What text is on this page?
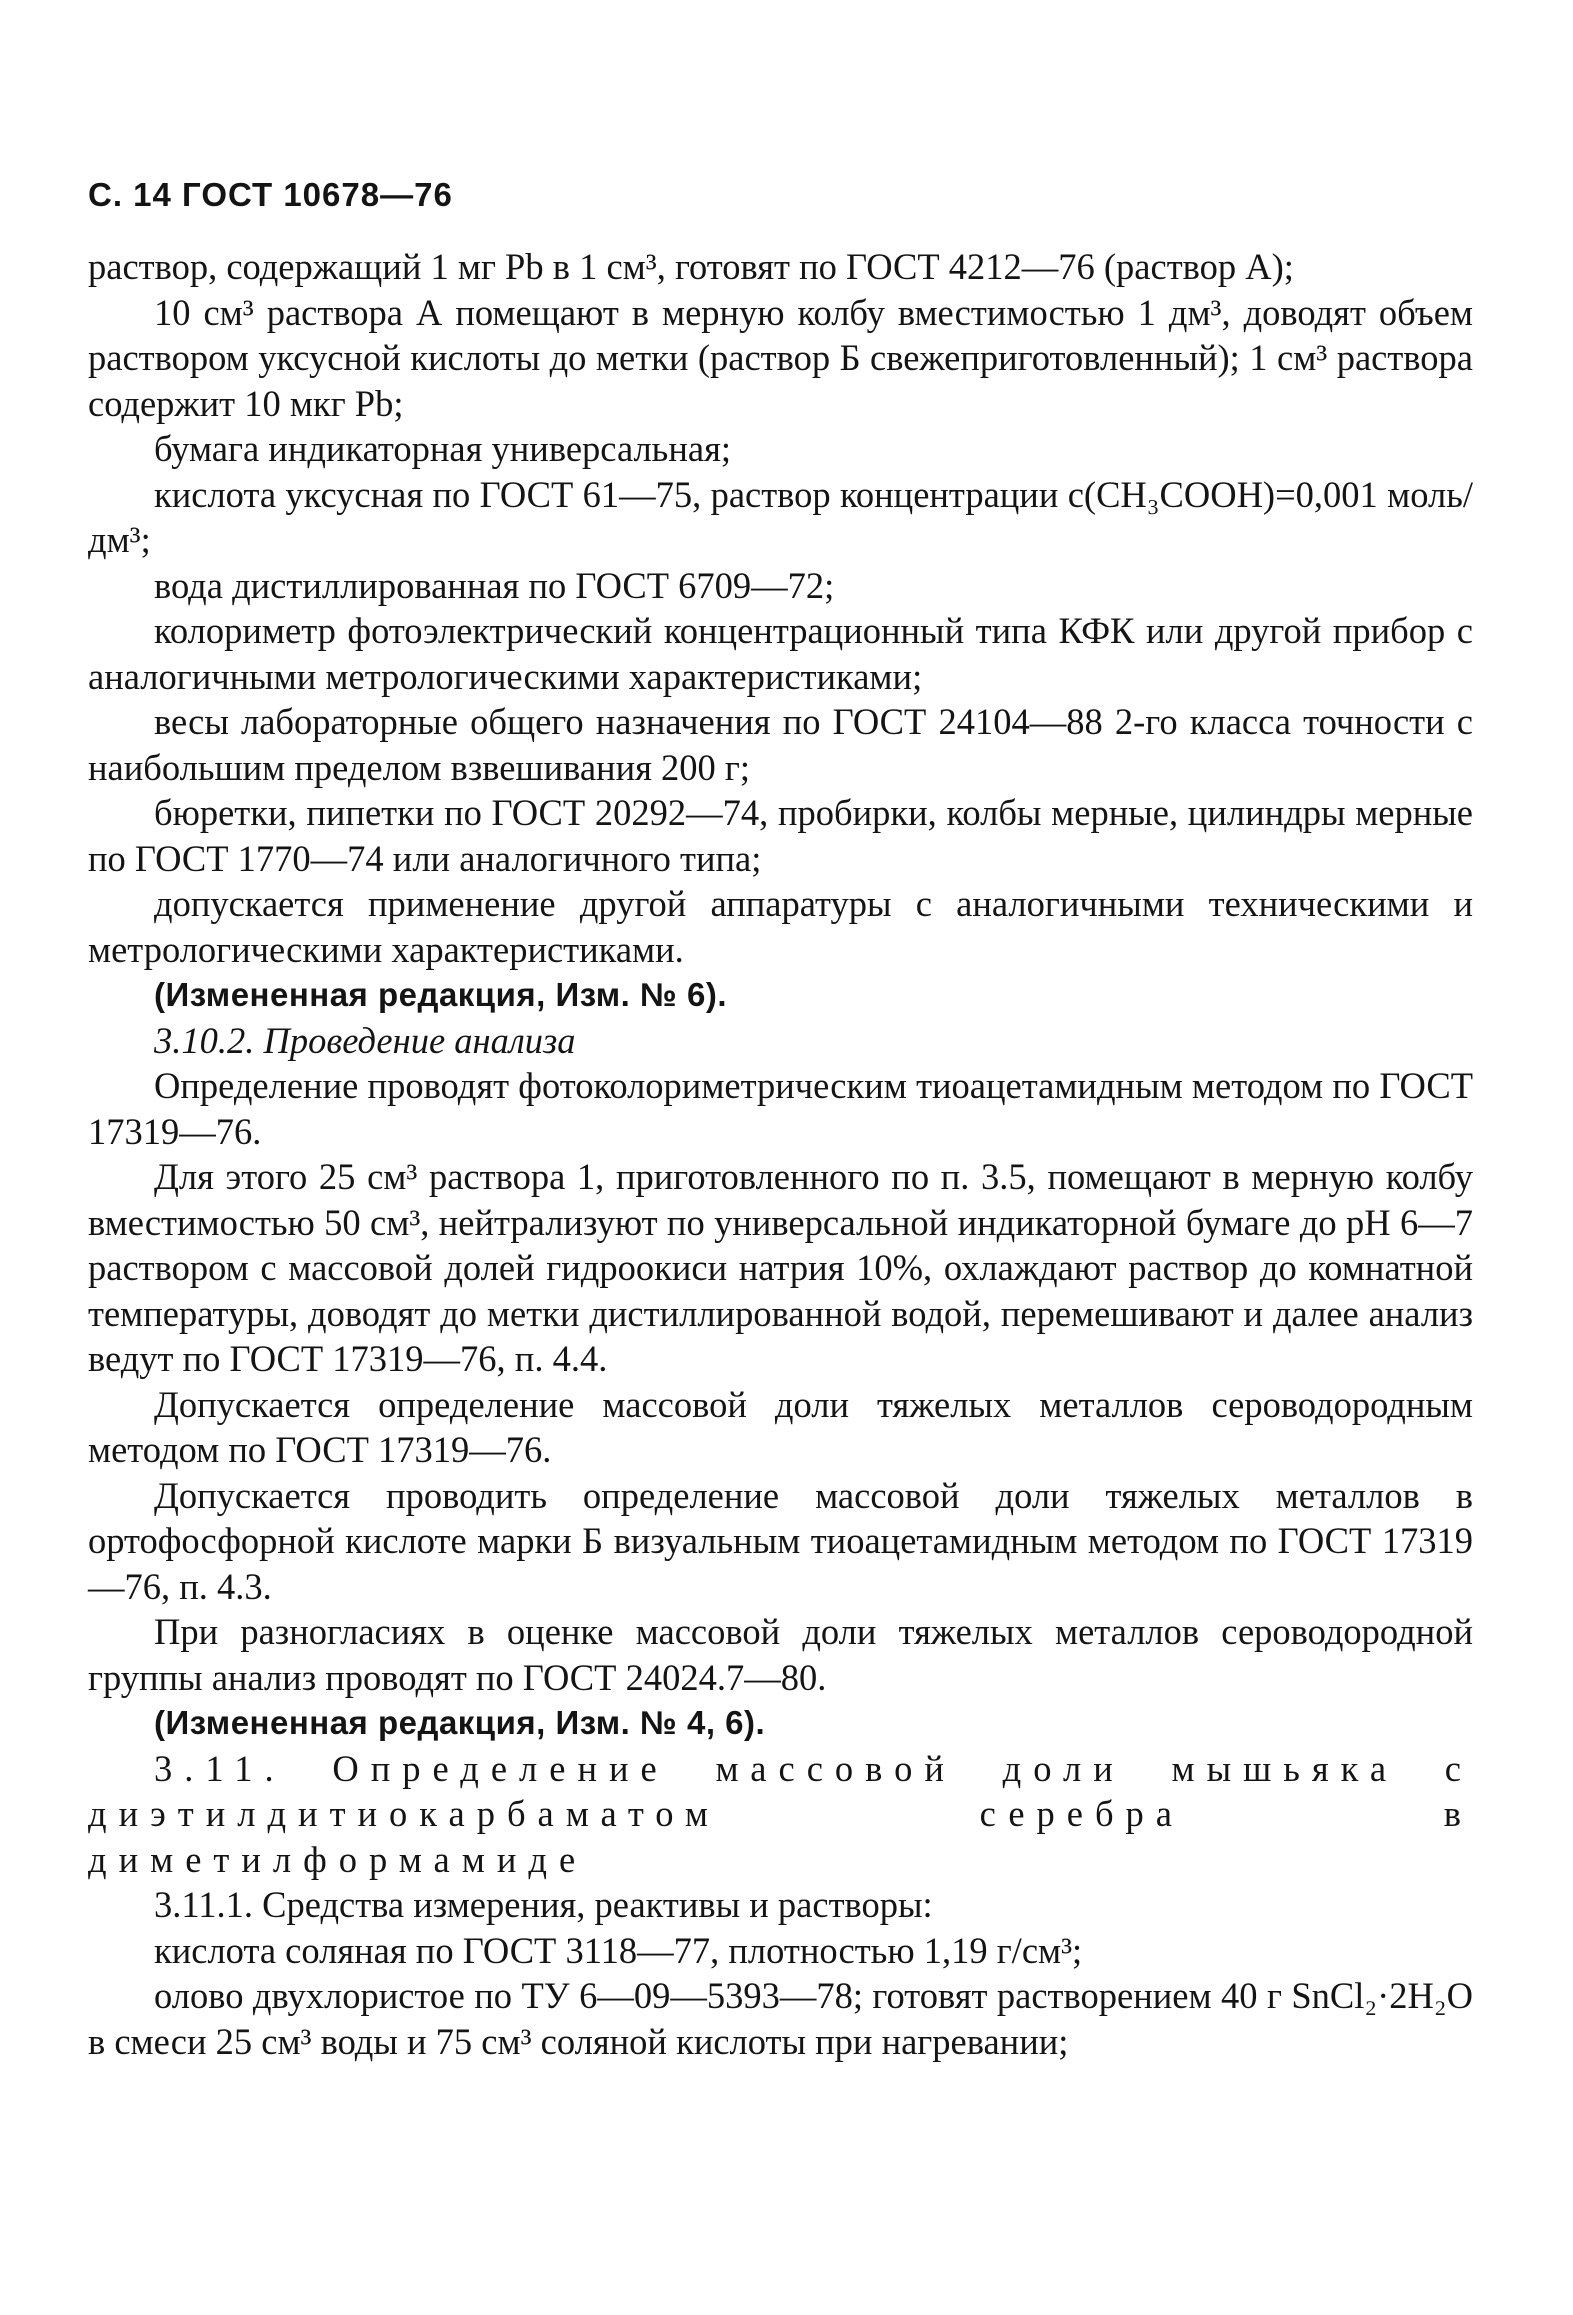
С. 14 ГОСТ 10678—76

раствор, содержащий 1 мг Pb в 1 см³, готовят по ГОСТ 4212—76 (раствор А);

10 см³ раствора А помещают в мерную колбу вместимостью 1 дм³, доводят объем раствором уксусной кислоты до метки (раствор Б свежеприготовленный); 1 см³ раствора содержит 10 мкг Pb;

бумага индикаторная универсальная;

кислота уксусная по ГОСТ 61—75, раствор концентрации c(CH₃COOH)=0,001 моль/дм³;

вода дистиллированная по ГОСТ 6709—72;

колориметр фотоэлектрический концентрационный типа КФК или другой прибор с аналогичными метрологическими характеристиками;

весы лабораторные общего назначения по ГОСТ 24104—88 2-го класса точности с наибольшим пределом взвешивания 200 г;

бюретки, пипетки по ГОСТ 20292—74, пробирки, колбы мерные, цилиндры мерные по ГОСТ 1770—74 или аналогичного типа;

допускается применение другой аппаратуры с аналогичными техническими и метрологическими характеристиками.

(Измененная редакция, Изм. № 6).

3.10.2. Проведение анализа

Определение проводят фотоколориметрическим тиоацетамидным методом по ГОСТ 17319—76.

Для этого 25 см³ раствора 1, приготовленного по п. 3.5, помещают в мерную колбу вместимостью 50 см³, нейтрализуют по универсальной индикаторной бумаге до pH 6—7 раствором с массовой долей гидроокиси натрия 10%, охлаждают раствор до комнатной температуры, доводят до метки дистиллированной водой, перемешивают и далее анализ ведут по ГОСТ 17319—76, п. 4.4.

Допускается определение массовой доли тяжелых металлов сероводородным методом по ГОСТ 17319—76.

Допускается проводить определение массовой доли тяжелых металлов в ортофосфорной кислоте марки Б визуальным тиоацетамидным методом по ГОСТ 17319—76, п. 4.3.

При разногласиях в оценке массовой доли тяжелых металлов сероводородной группы анализ проводят по ГОСТ 24024.7—80.

(Измененная редакция, Изм. № 4, 6).

3.11. Определение массовой доли мышьяка с диэтилдитиокарбаматом серебра в диметилформамиде

3.11.1. Средства измерения, реактивы и растворы:

кислота соляная по ГОСТ 3118—77, плотностью 1,19 г/см³;

олово двухлористое по ТУ 6—09—5393—78; готовят растворением 40 г SnCl₂·2H₂O в смеси 25 см³ воды и 75 см³ соляной кислоты при нагревании;
